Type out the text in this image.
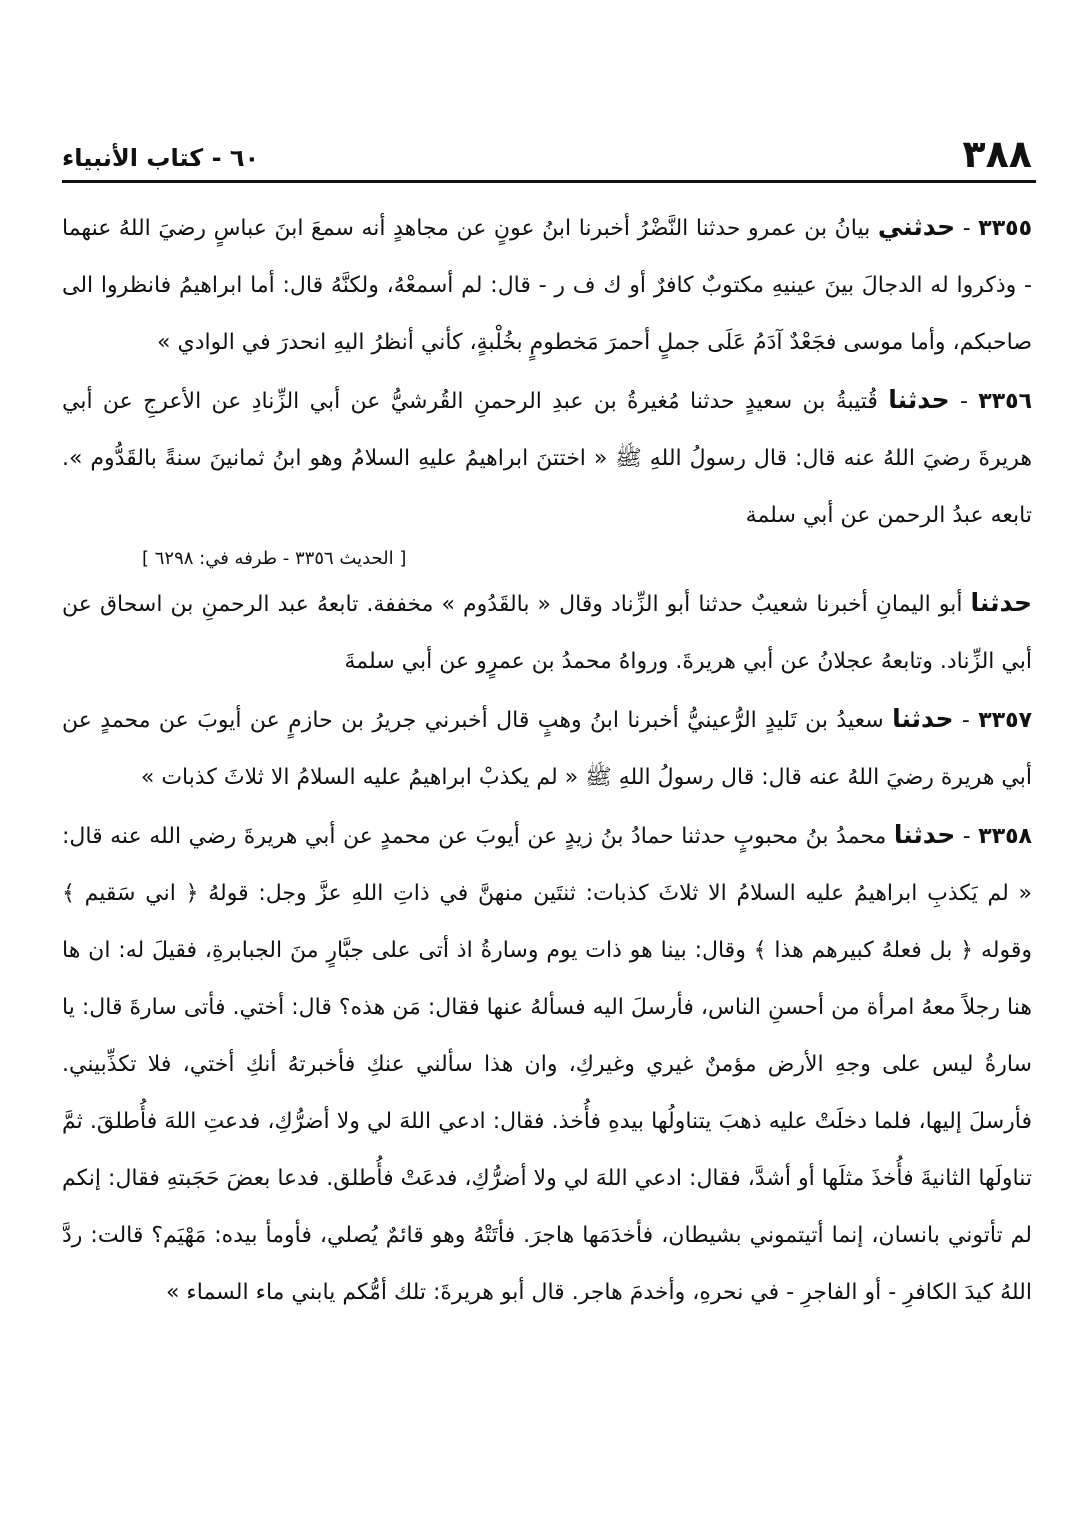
٣٨٨
٦٠ - كتاب الأنبياء

٣٣٥٥ - حدثني بيانُ بن عمرو حدثنا النَّضْرُ أخبرنا ابنُ عونٍ عن مجاهدٍ أنه سمعَ ابنَ عباسٍ رضيَ اللهُ عنهما - وذكروا له الدجالَ بينَ عينيهِ مكتوبٌ كافرٌ أو ك ف ر - قال: لم أسمعْهُ، ولكنَّهُ قال: أما ابراهيمُ فانظروا الى صاحبكم، وأما موسى فجَعْدٌ آدَمُ عَلَى جملٍ أحمرَ مَخطومٍ بخُلْبةٍ، كأني أنظرُ اليهِ انحدرَ في الوادي »

٣٣٥٦ - حدثنا قُتيبةُ بن سعيدٍ حدثنا مُغيرةُ بن عبدِ الرحمنِ القُرشيُّ عن أبي الزِّنادِ عن الأعرجِ عن أبي هريرةَ رضيَ اللهُ عنه قال: قال رسولُ اللهِ ﷺ « اختتنَ ابراهيمُ عليهِ السلامُ وهو ابنُ ثمانينَ سنةً بالقَدُّوم ». تابعه عبدُ الرحمن عن أبي سلمة

[ الحديث ٣٣٥٦ - طرفه في: ٦٢٩٨ ]

حدثنا أبو اليمانِ أخبرنا شعيبٌ حدثنا أبو الزِّناد وقال « بالقَدُوم » مخففة. تابعهُ عبد الرحمنِ بن اسحاق عن أبي الزِّناد. وتابعهُ عجلانُ عن أبي هريرةَ. ورواهُ محمدُ بن عمرٍو عن أبي سلمةَ

٣٣٥٧ - حدثنا سعيدُ بن تَليدٍ الرُّعينيُّ أخبرنا ابنُ وهبٍ قال أخبرني جريرُ بن حازمٍ عن أيوبَ عن محمدٍ عن أبي هريرة رضيَ اللهُ عنه قال: قال رسولُ اللهِ ﷺ « لم يكذبْ ابراهيمُ عليه السلامُ الا ثلاثَ كذبات »

٣٣٥٨ - حدثنا محمدُ بنُ محبوبٍ حدثنا حمادُ بنُ زيدٍ عن أيوبَ عن محمدٍ عن أبي هريرةَ رضي الله عنه قال: « لم يَكذبِ ابراهيمُ عليه السلامُ الا ثلاثَ كذبات: ثنتَين منهنَّ في ذاتِ اللهِ عزَّ وجل: قولهُ ﴿ اني سَقيم ﴾ وقوله ﴿ بل فعلهُ كبيرهم هذا ﴾ وقال: بينا هو ذات يوم وسارةُ اذ أتى على جبَّارٍ منَ الجبابرةِ، فقيلَ له: ان ها هنا رجلاً معهُ امرأة من أحسنِ الناس، فأرسلَ اليه فسألهُ عنها فقال: مَن هذه؟ قال: أختي. فأتى سارةَ قال: يا سارةُ ليس على وجهِ الأرض مؤمنٌ غيري وغيركِ، وان هذا سألني عنكِ فأخبرتهُ أنكِ أختي، فلا تكذِّبيني. فأرسلَ إليها، فلما دخلَتْ عليه ذهبَ يتناولُها بيدهِ فأُخذ. فقال: ادعي اللهَ لي ولا أضرُّكِ، فدعتِ اللهَ فأُطلقَ. ثمَّ تناولَها الثانيةَ فأُخذَ مثلَها أو أشدَّ، فقال: ادعي اللهَ لي ولا أضرُّكِ، فدعَتْ فأُطلق. فدعا بعضَ حَجَبتهِ فقال: إنكم لم تأتوني بانسان، إنما أتيتموني بشيطان، فأخدَمَها هاجرَ. فأتَتْهُ وهو قائمٌ يُصلي، فأومأ بيده: مَهْيَم؟ قالت: ردَّ اللهُ كيدَ الكافرِ - أو الفاجرِ - في نحرهِ، وأخدمَ هاجر. قال أبو هريرةَ: تلك أمُّكم يابني ماء السماء »
